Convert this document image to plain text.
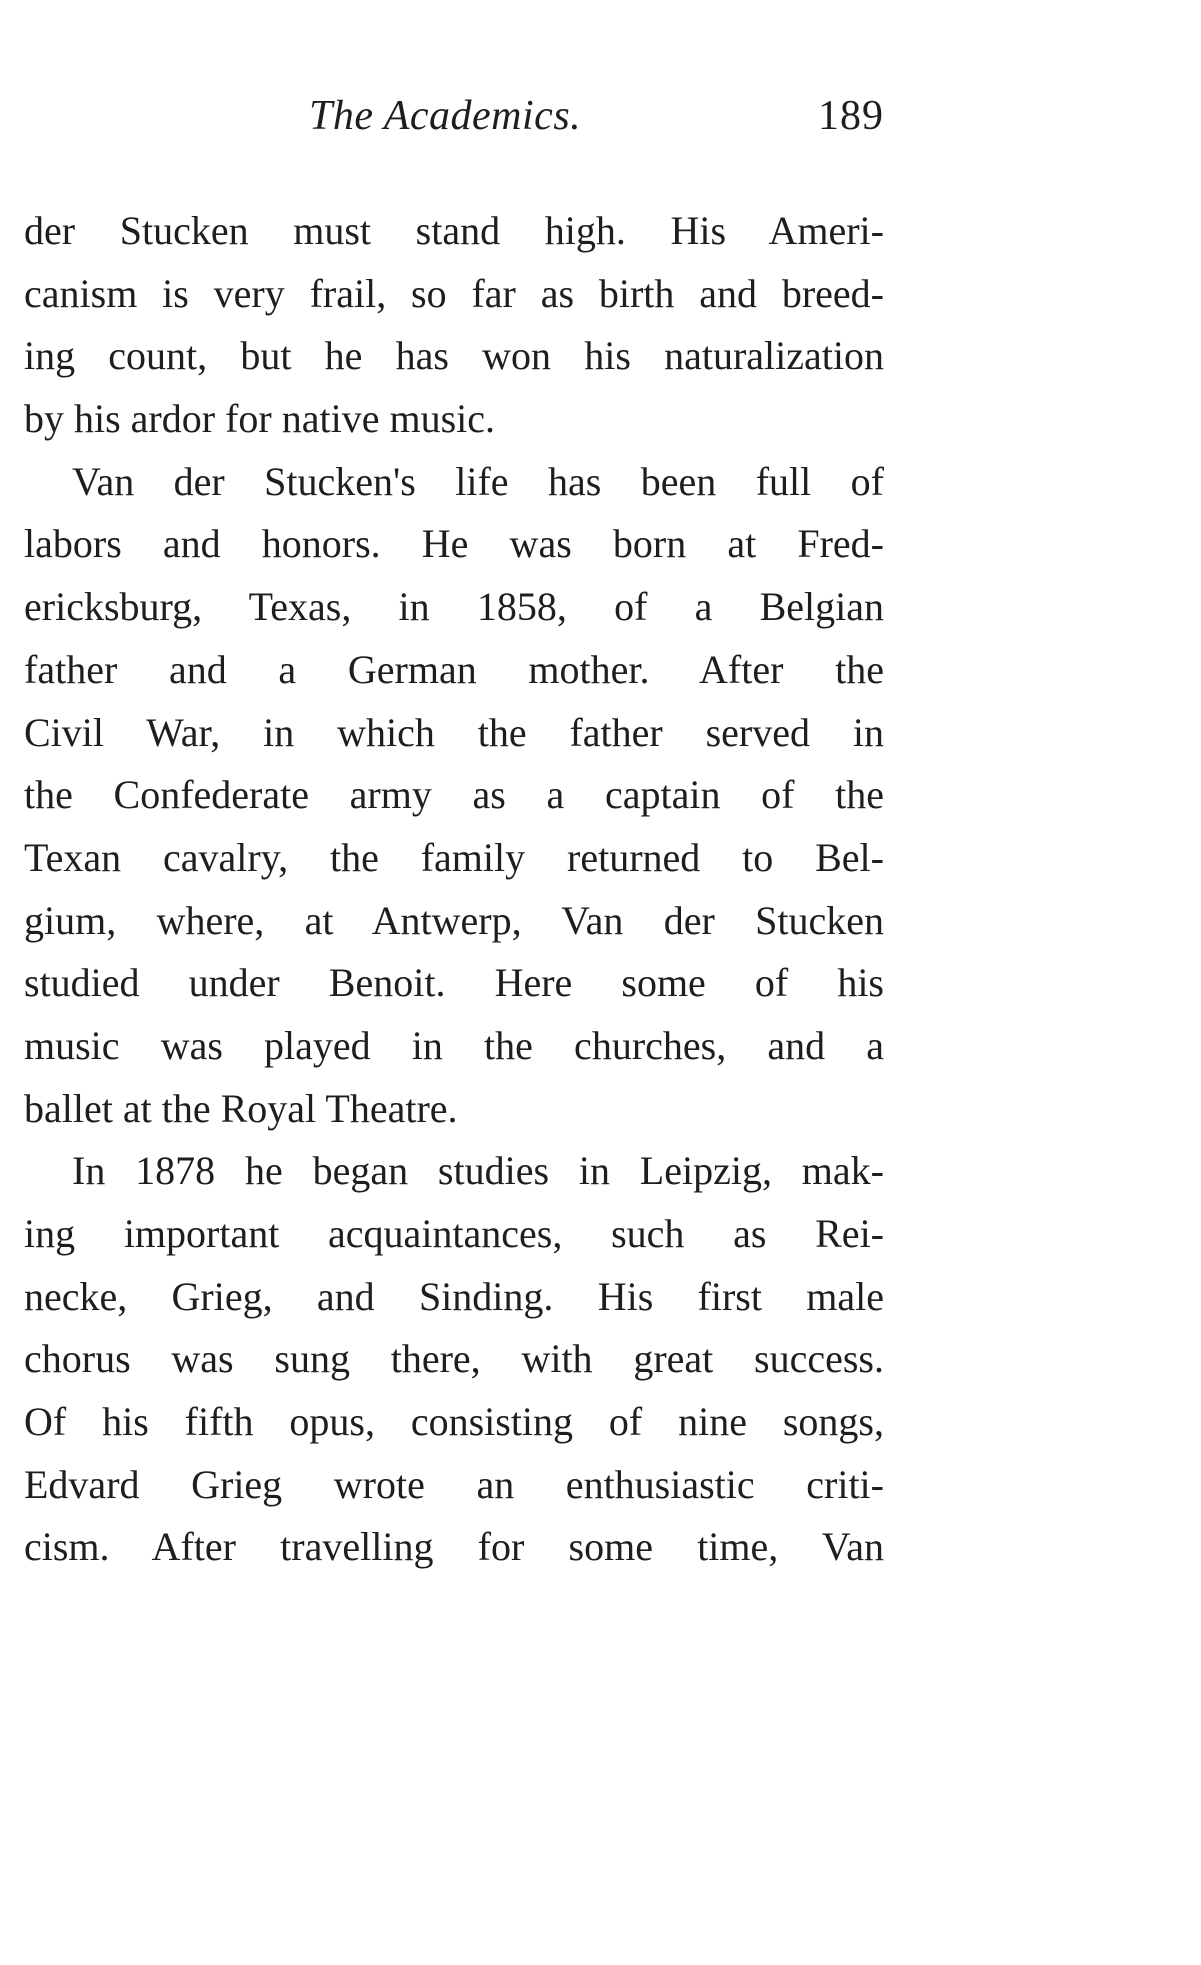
The Academics.	189
der Stucken must stand high. His Ameri-
canism is very frail, so far as birth and breed-
ing count, but he has won his naturalization
by his ardor for native music.
Van der Stucken's life has been full of
labors and honors. He was born at Fred-
ericksburg, Texas, in 1858, of a Belgian
father and a German mother. After the
Civil War, in which the father served in
the Confederate army as a captain of the
Texan cavalry, the family returned to Bel-
gium, where, at Antwerp, Van der Stucken
studied under Benoit. Here some of his
music was played in the churches, and a
ballet at the Royal Theatre.
In 1878 he began studies in Leipzig, mak-
ing important acquaintances, such as Rei-
necke, Grieg, and Sinding. His first male
chorus was sung there, with great success.
Of his fifth opus, consisting of nine songs,
Edvard Grieg wrote an enthusiastic criti-
cism. After travelling for some time, Van
